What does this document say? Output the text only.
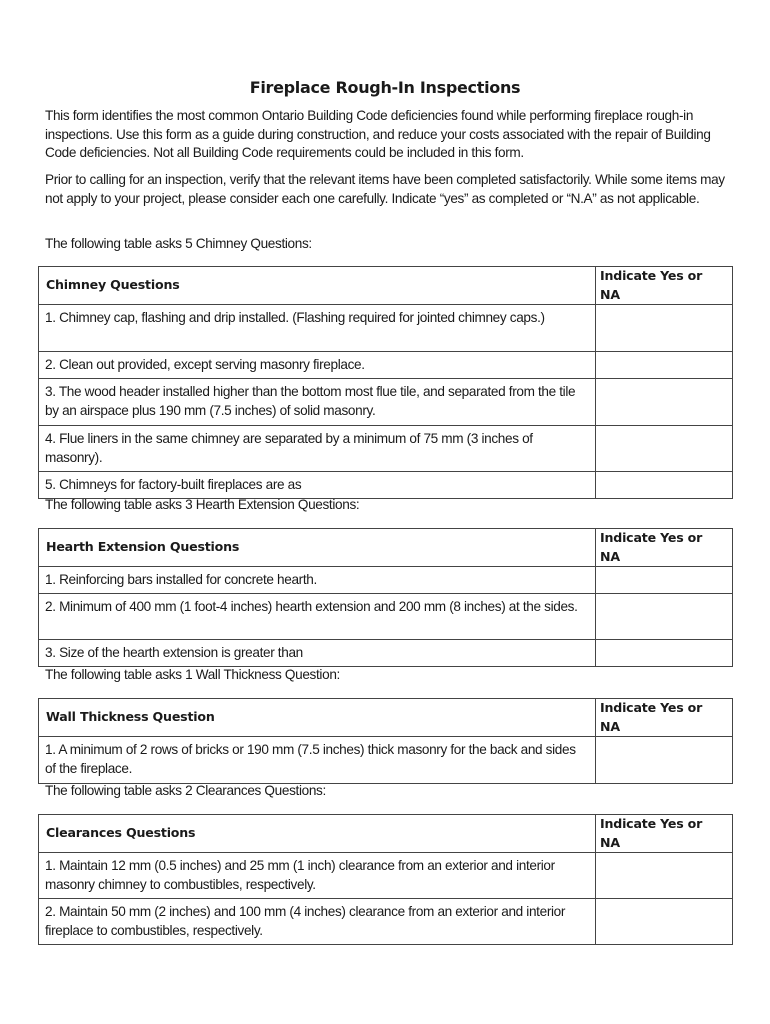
Fireplace Rough-In Inspections

This form identifies the most common Ontario Building Code deficiencies found while performing fireplace rough-in inspections. Use this form as a guide during construction, and reduce your costs associated with the repair of Building Code deficiencies. Not all Building Code requirements could be included in this form.

Prior to calling for an inspection, verify that the relevant items have been completed satisfactorily. While some items may not apply to your project, please consider each one carefully. Indicate “yes” as completed or “N.A” as not applicable.

The following table asks 5 Chimney Questions:

Chimney Questions	Indicate Yes or NA
1. Chimney cap, flashing and drip installed. (Flashing required for jointed chimney caps.)	
2. Clean out provided, except serving masonry fireplace.	
3. The wood header installed higher than the bottom most flue tile, and separated from the tile by an airspace plus 190 mm (7.5 inches) of solid masonry.	
4. Flue liners in the same chimney are separated by a minimum of 75 mm (3 inches of masonry).	
5. Chimneys for factory-built fireplaces are as	

The following table asks 3 Hearth Extension Questions:

Hearth Extension Questions	Indicate Yes or NA
1. Reinforcing bars installed for concrete hearth.	
2. Minimum of 400 mm (1 foot-4 inches) hearth extension and 200 mm (8 inches) at the sides.	
3. Size of the hearth extension is greater than	

The following table asks 1 Wall Thickness Question:

Wall Thickness Question	Indicate Yes or NA
1. A minimum of 2 rows of bricks or 190 mm (7.5 inches) thick masonry for the back and sides of the fireplace.	

The following table asks 2 Clearances Questions:

Clearances Questions	Indicate Yes or NA
1. Maintain 12 mm (0.5 inches) and 25 mm (1 inch) clearance from an exterior and interior masonry chimney to combustibles, respectively.	
2. Maintain 50 mm (2 inches) and 100 mm (4 inches) clearance from an exterior and interior fireplace to combustibles, respectively.	
